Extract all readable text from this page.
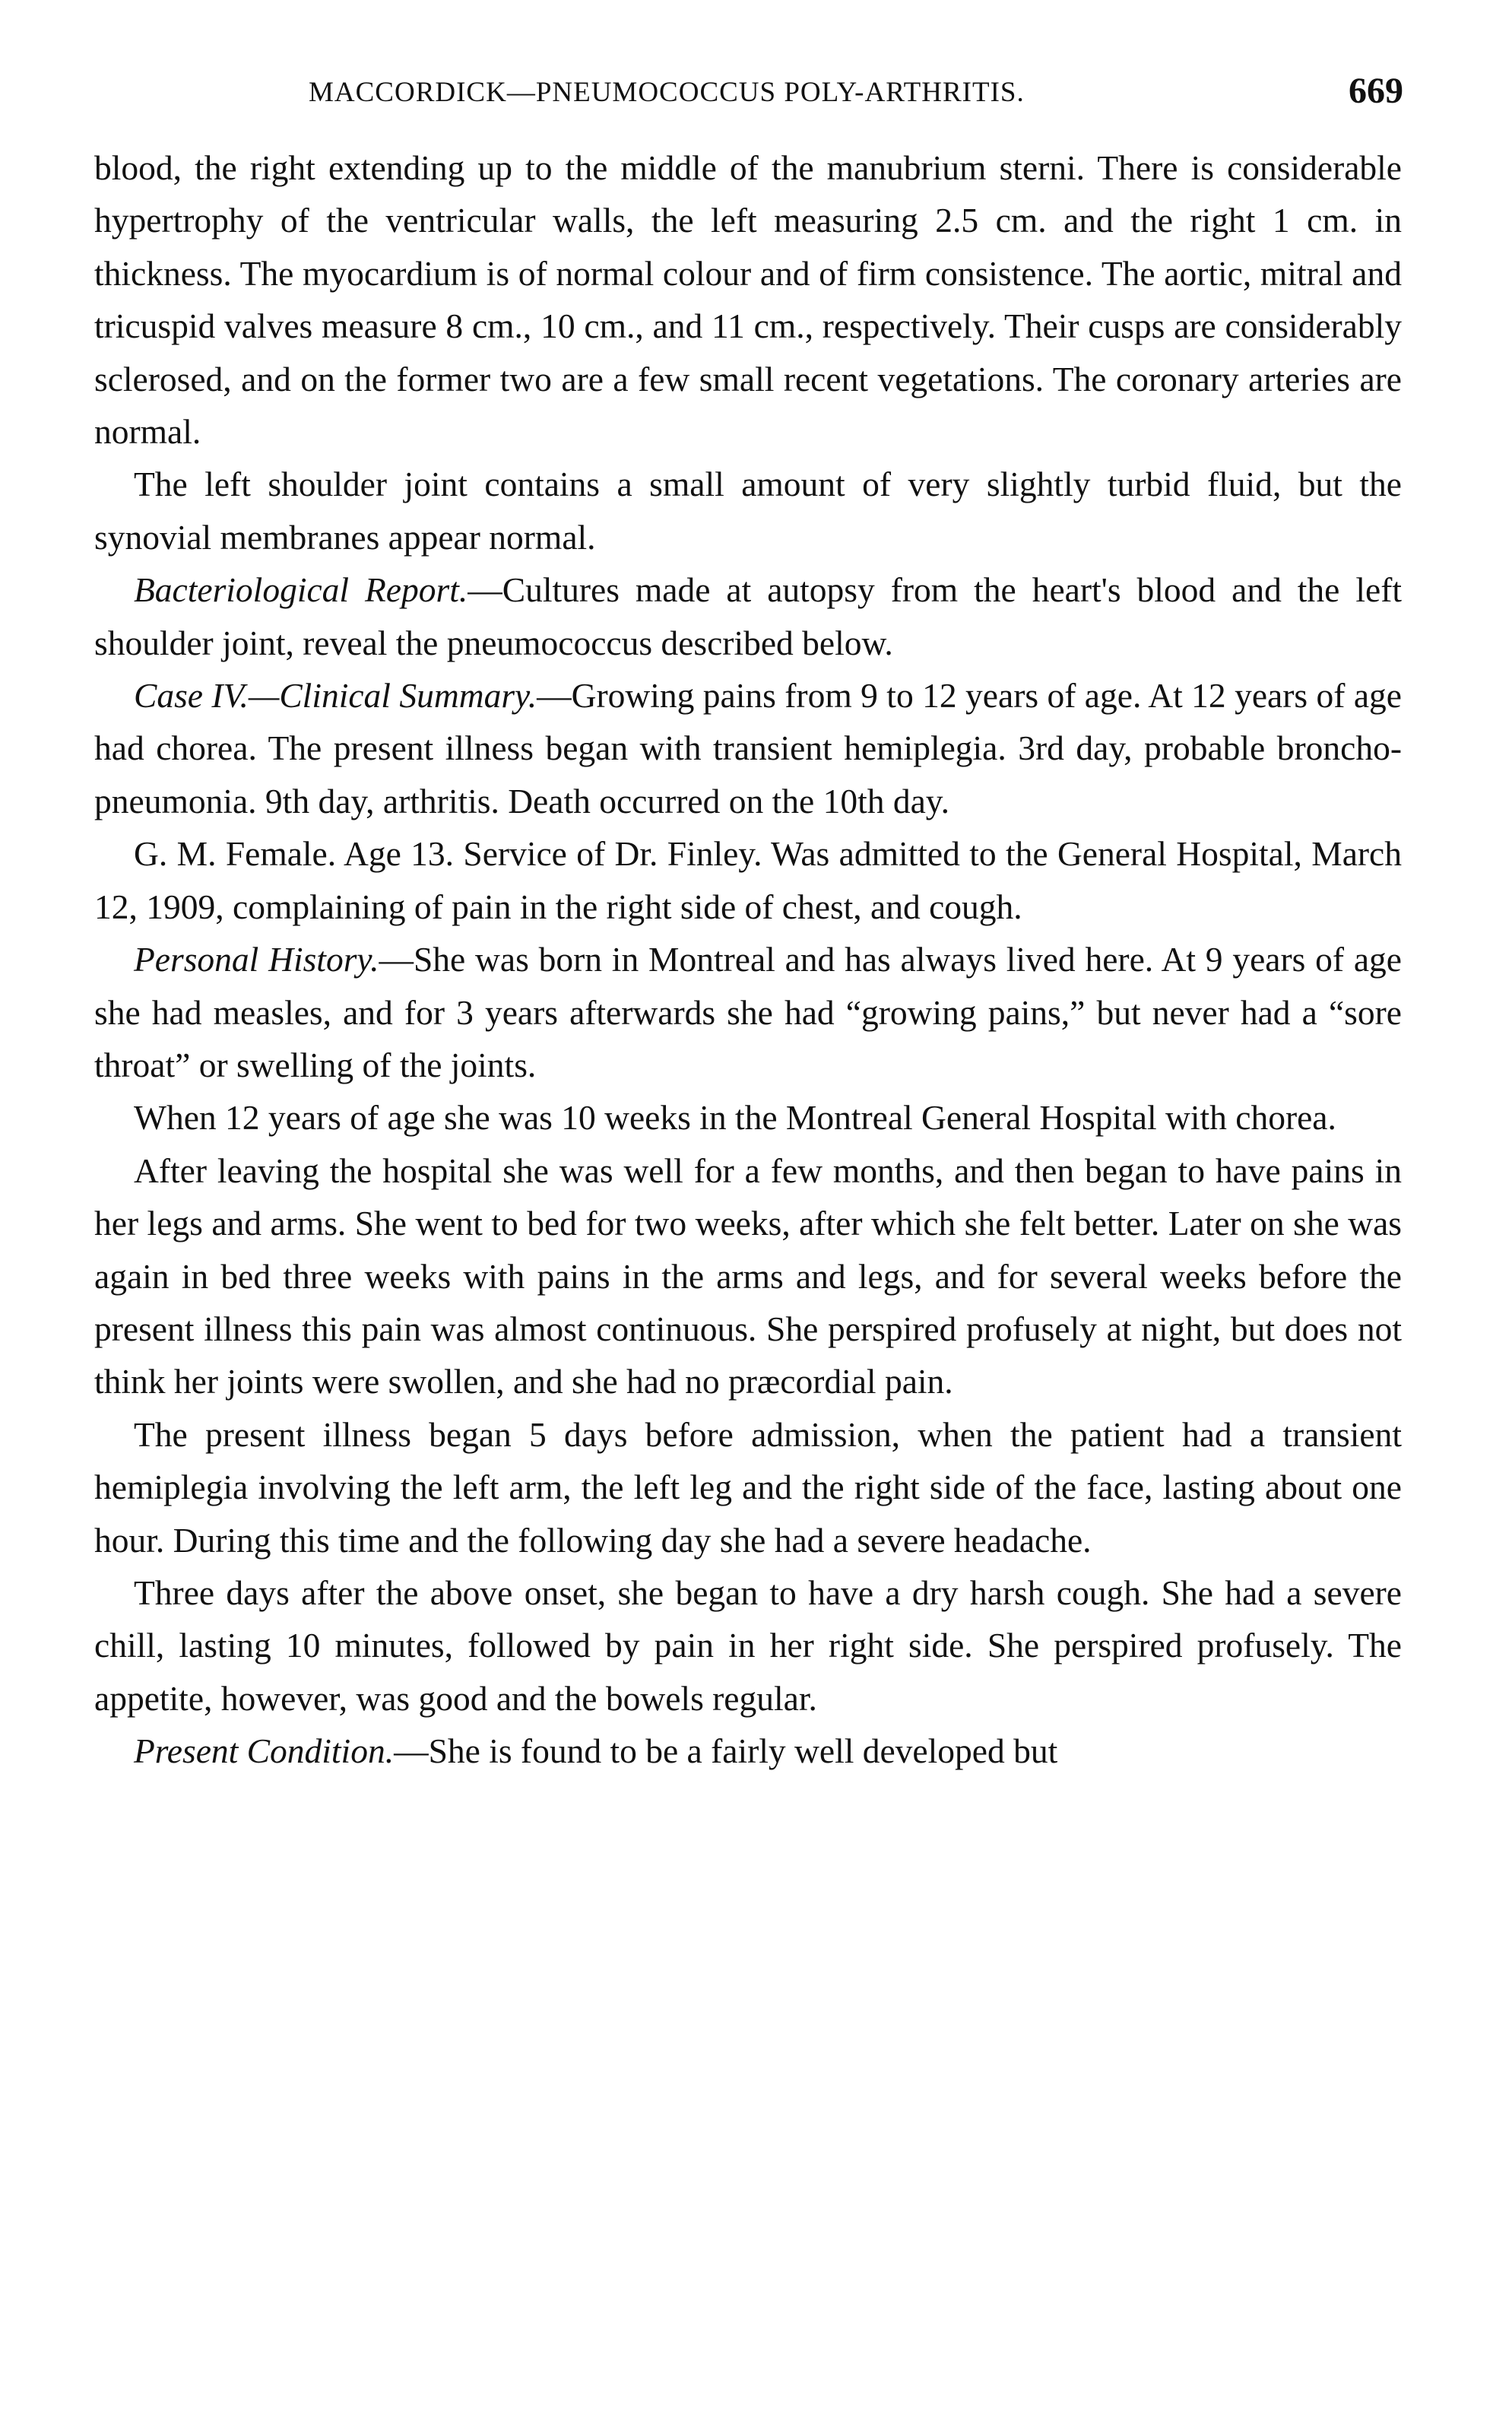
MACCORDICK—PNEUMOCOCCUS POLY-ARTHRITIS.	669

blood, the right extending up to the middle of the manubrium sterni. There is considerable hypertrophy of the ventricular walls, the left measuring 2.5 cm. and the right 1 cm. in thickness. The myocardium is of normal colour and of firm consistence. The aortic, mitral and tricuspid valves measure 8 cm., 10 cm., and 11 cm., respectively. Their cusps are considerably sclerosed, and on the former two are a few small recent vegetations. The coronary arteries are normal.

The left shoulder joint contains a small amount of very slightly turbid fluid, but the synovial membranes appear normal.

Bacteriological Report.—Cultures made at autopsy from the heart's blood and the left shoulder joint, reveal the pneumococcus described below.

Case IV.—Clinical Summary.—Growing pains from 9 to 12 years of age. At 12 years of age had chorea. The present illness began with transient hemiplegia. 3rd day, probable broncho-pneumonia. 9th day, arthritis. Death occurred on the 10th day.

G. M. Female. Age 13. Service of Dr. Finley. Was admitted to the General Hospital, March 12, 1909, complaining of pain in the right side of chest, and cough.

Personal History.—She was born in Montreal and has always lived here. At 9 years of age she had measles, and for 3 years afterwards she had “growing pains,” but never had a “sore throat” or swelling of the joints.

When 12 years of age she was 10 weeks in the Montreal General Hospital with chorea.

After leaving the hospital she was well for a few months, and then began to have pains in her legs and arms. She went to bed for two weeks, after which she felt better. Later on she was again in bed three weeks with pains in the arms and legs, and for several weeks before the present illness this pain was almost continuous. She perspired profusely at night, but does not think her joints were swollen, and she had no præcordial pain.

The present illness began 5 days before admission, when the patient had a transient hemiplegia involving the left arm, the left leg and the right side of the face, lasting about one hour. During this time and the following day she had a severe headache.

Three days after the above onset, she began to have a dry harsh cough. She had a severe chill, lasting 10 minutes, followed by pain in her right side. She perspired profusely. The appetite, however, was good and the bowels regular.

Present Condition.—She is found to be a fairly well developed but
